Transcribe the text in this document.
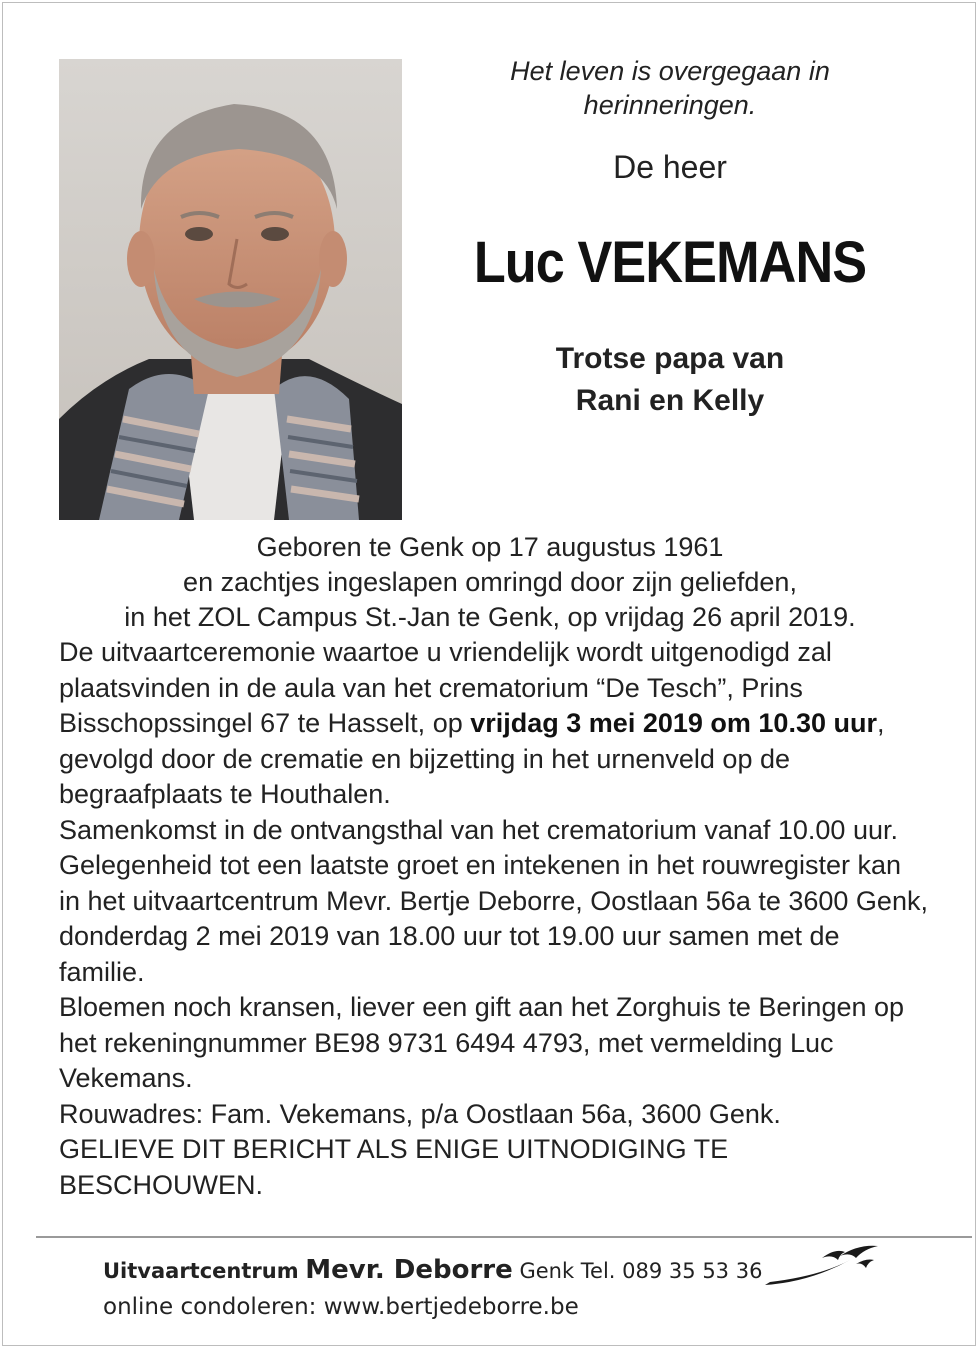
Het leven is overgegaan in
herinneringen.
De heer
Luc VEKEMANS
Trotse papa van
Rani en Kelly
Geboren te Genk op 17 augustus 1961
en zachtjes ingeslapen omringd door zijn geliefden,
in het ZOL Campus St.-Jan te Genk, op vrijdag 26 april 2019.

De uitvaartceremonie waartoe u vriendelijk wordt uitgenodigd zal plaatsvinden in de aula van het crematorium “De Tesch”, Prins Bisschopssingel 67 te Hasselt, op vrijdag 3 mei 2019 om 10.30 uur, gevolgd door de crematie en bijzetting in het urnenveld op de begraafplaats te Houthalen.

Samenkomst in de ontvangsthal van het crematorium vanaf 10.00 uur.

Gelegenheid tot een laatste groet en intekenen in het rouwregister kan in het uitvaartcentrum Mevr. Bertje Deborre, Oostlaan 56a te 3600 Genk, donderdag 2 mei 2019 van 18.00 uur tot 19.00 uur samen met de familie.

Bloemen noch kransen, liever een gift aan het Zorghuis te Beringen op het rekeningnummer BE98 9731 6494 4793, met vermelding Luc Vekemans.

Rouwadres: Fam. Vekemans, p/a Oostlaan 56a, 3600 Genk.

GELIEVE DIT BERICHT ALS ENIGE UITNODIGING TE BESCHOUWEN.

Uitvaartcentrum Mevr. Deborre Genk Tel. 089 35 53 36
online condoleren: www.bertjedeborre.be
